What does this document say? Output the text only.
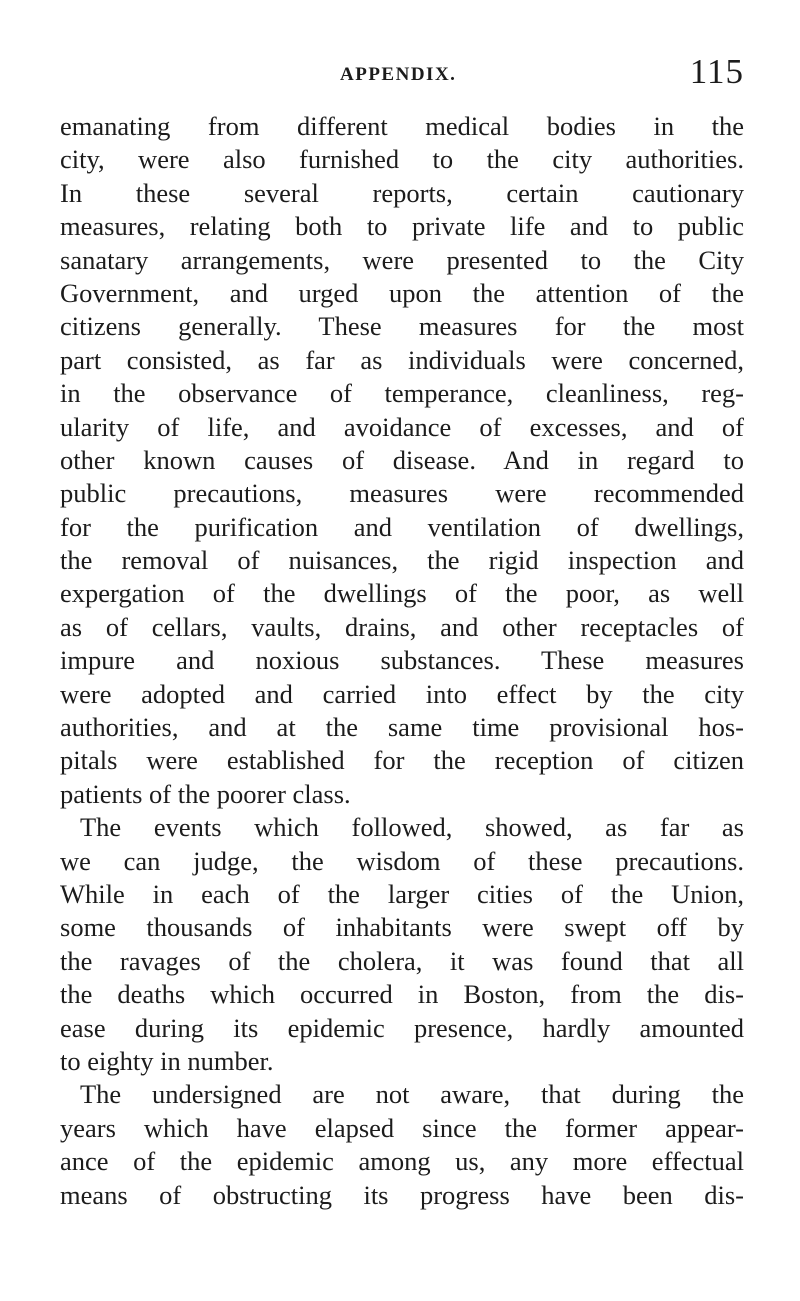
APPENDIX.	115
emanating from different medical bodies in the
city, were also furnished to the city authorities.
In these several reports, certain cautionary
measures, relating both to private life and to public
sanatary arrangements, were presented to the City
Government, and urged upon the attention of the
citizens generally. These measures for the most
part consisted, as far as individuals were concerned,
in the observance of temperance, cleanliness, reg-
ularity of life, and avoidance of excesses, and of
other known causes of disease. And in regard to
public precautions, measures were recommended
for the purification and ventilation of dwellings,
the removal of nuisances, the rigid inspection and
expergation of the dwellings of the poor, as well
as of cellars, vaults, drains, and other receptacles of
impure and noxious substances. These measures
were adopted and carried into effect by the city
authorities, and at the same time provisional hos-
pitals were established for the reception of citizen
patients of the poorer class.
The events which followed, showed, as far as
we can judge, the wisdom of these precautions.
While in each of the larger cities of the Union,
some thousands of inhabitants were swept off by
the ravages of the cholera, it was found that all
the deaths which occurred in Boston, from the dis-
ease during its epidemic presence, hardly amounted
to eighty in number.
The undersigned are not aware, that during the
years which have elapsed since the former appear-
ance of the epidemic among us, any more effectual
means of obstructing its progress have been dis-
